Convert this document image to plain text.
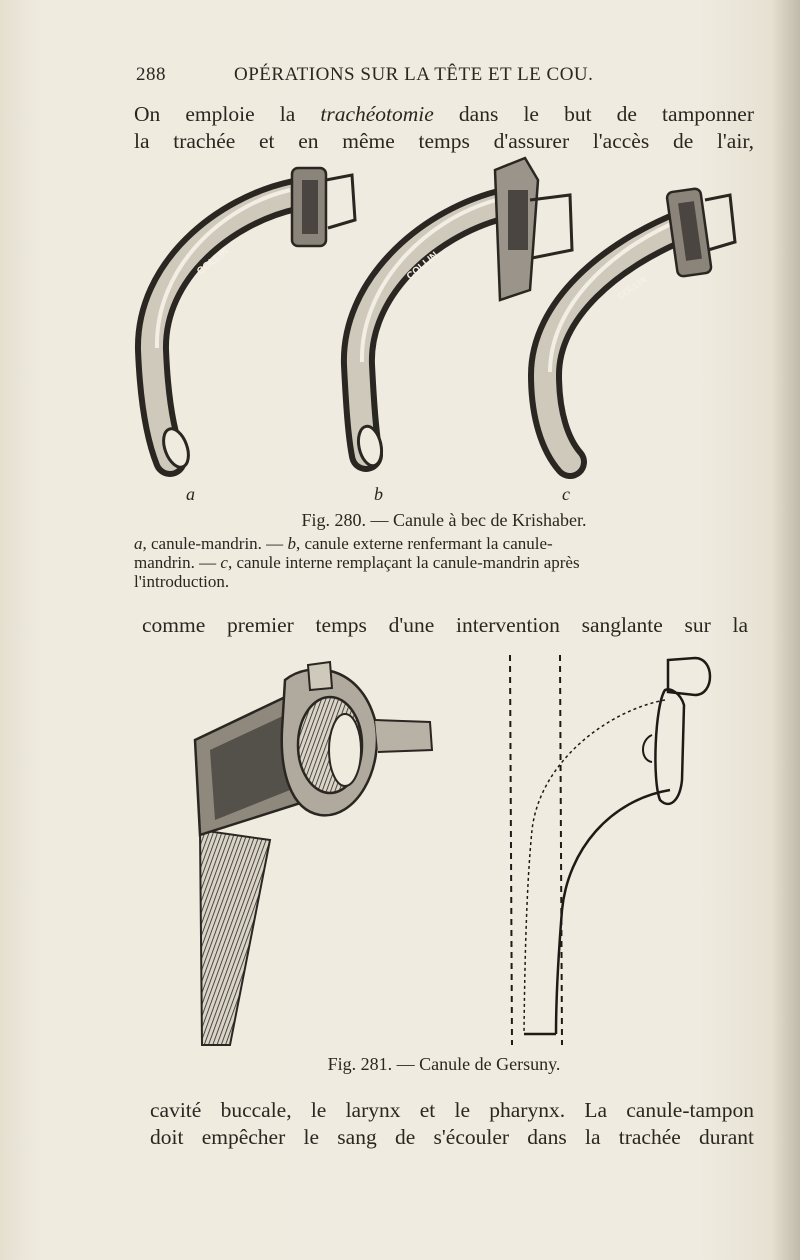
288	OPÉRATIONS SUR LA TÊTE ET LE COU.
On emploie la trachéotomie dans le but de tamponner
la trachée et en même temps d'assurer l'accès de l'air,
COLLIN	COLLIN
COLLIN
a	b	c
Fig. 280. — Canule à bec de Krishaber.
a, canule-mandrin. — b, canule externe renfermant la canule-
mandrin. — c, canule interne remplaçant la canule-mandrin après
l'introduction.
comme premier temps d'une intervention sanglante sur la
Fig. 281. — Canule de Gersuny.
cavité buccale, le larynx et le pharynx. La canule-tampon
doit empêcher le sang de s'écouler dans la trachée durant
